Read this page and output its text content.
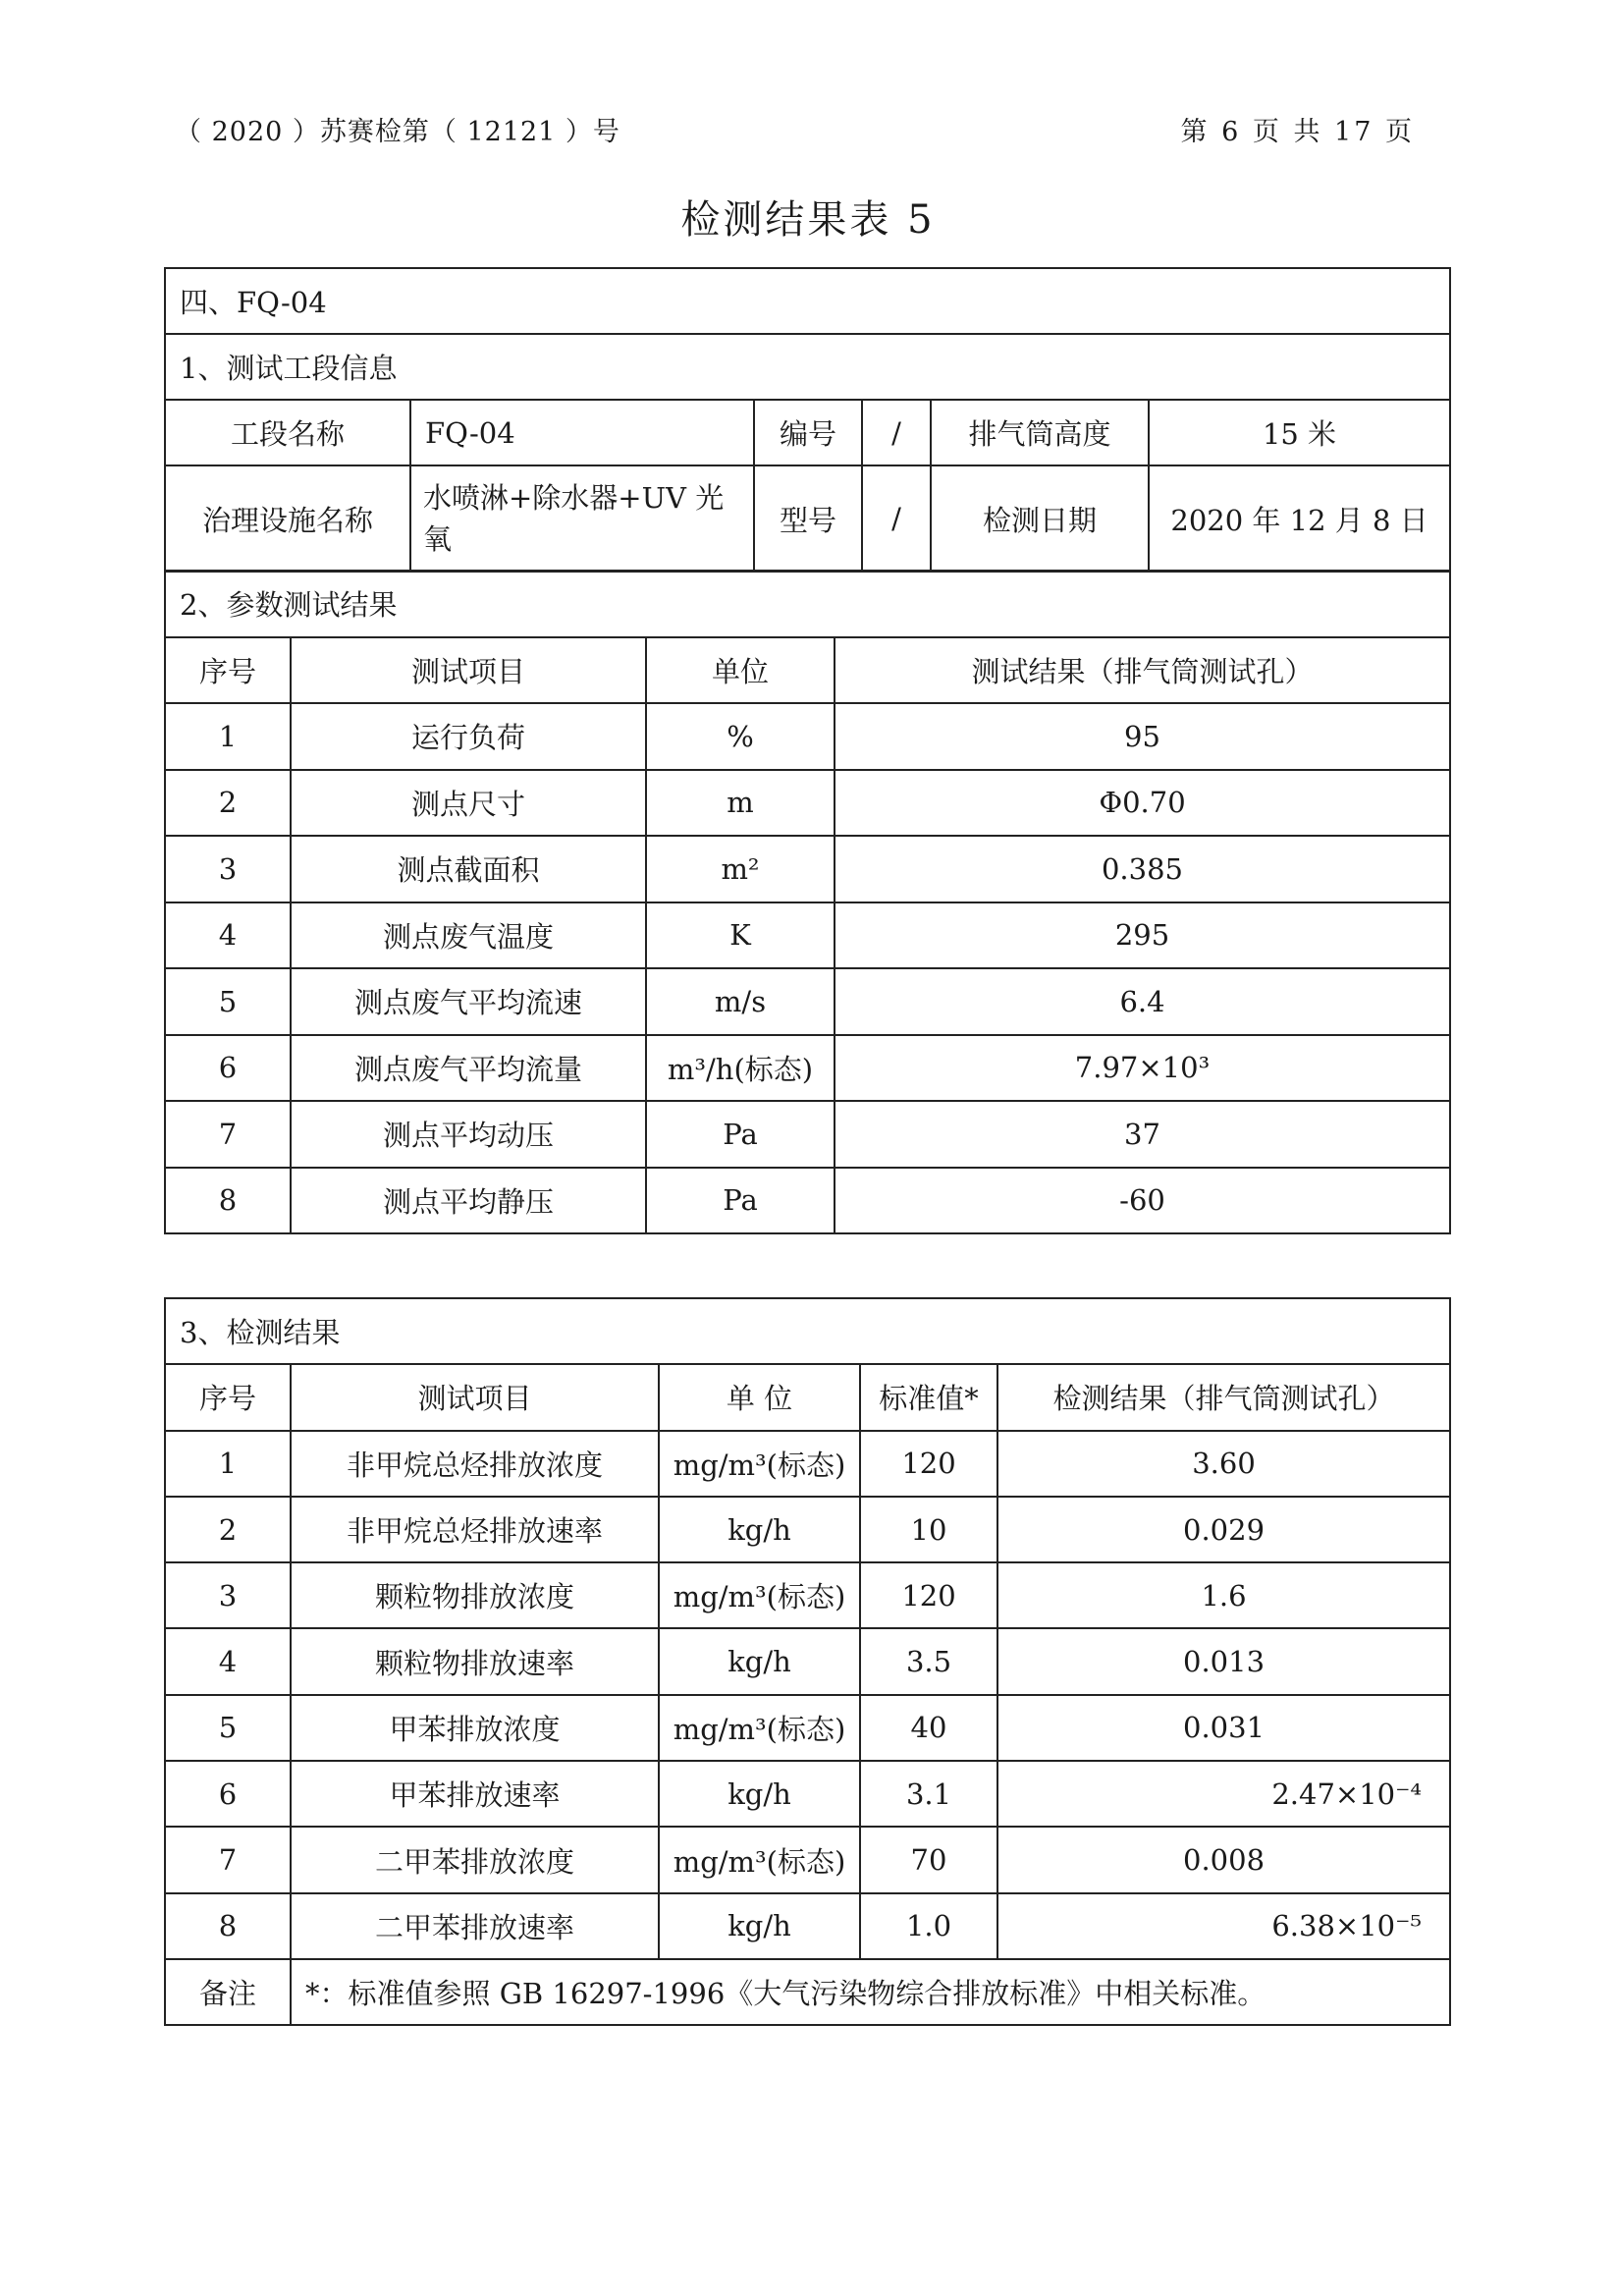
（ 2020 ）苏赛检第（ 12121 ）号	第 6 页 共 17 页
检测结果表 5
四、FQ-04					
1、测试工段信息					
工段名称	FQ-04	编号	/	排气筒高度	15 米
治理设施名称	水喷淋+除水器+UV 光氧	型号	/	检测日期	2020 年 12 月 8 日
2、参数测试结果			
序号	测试项目	单位	测试结果（排气筒测试孔）
1	运行负荷	%	95
2	测点尺寸	m	Φ0.70
3	测点截面积	m²	0.385
4	测点废气温度	K	295
5	测点废气平均流速	m/s	6.4
6	测点废气平均流量	m³/h(标态)	7.97×10³
7	测点平均动压	Pa	37
8	测点平均静压	Pa	-60
3、检测结果				
序号	测试项目	单 位	标准值*	检测结果（排气筒测试孔）
1	非甲烷总烃排放浓度	mg/m³(标态)	120	3.60
2	非甲烷总烃排放速率	kg/h	10	0.029
3	颗粒物排放浓度	mg/m³(标态)	120	1.6
4	颗粒物排放速率	kg/h	3.5	0.013
5	甲苯排放浓度	mg/m³(标态)	40	0.031
6	甲苯排放速率	kg/h	3.1	2.47×10⁻⁴
7	二甲苯排放浓度	mg/m³(标态)	70	0.008
8	二甲苯排放速率	kg/h	1.0	6.38×10⁻⁵
备注	*：标准值参照 GB 16297-1996《大气污染物综合排放标准》中相关标准。			
